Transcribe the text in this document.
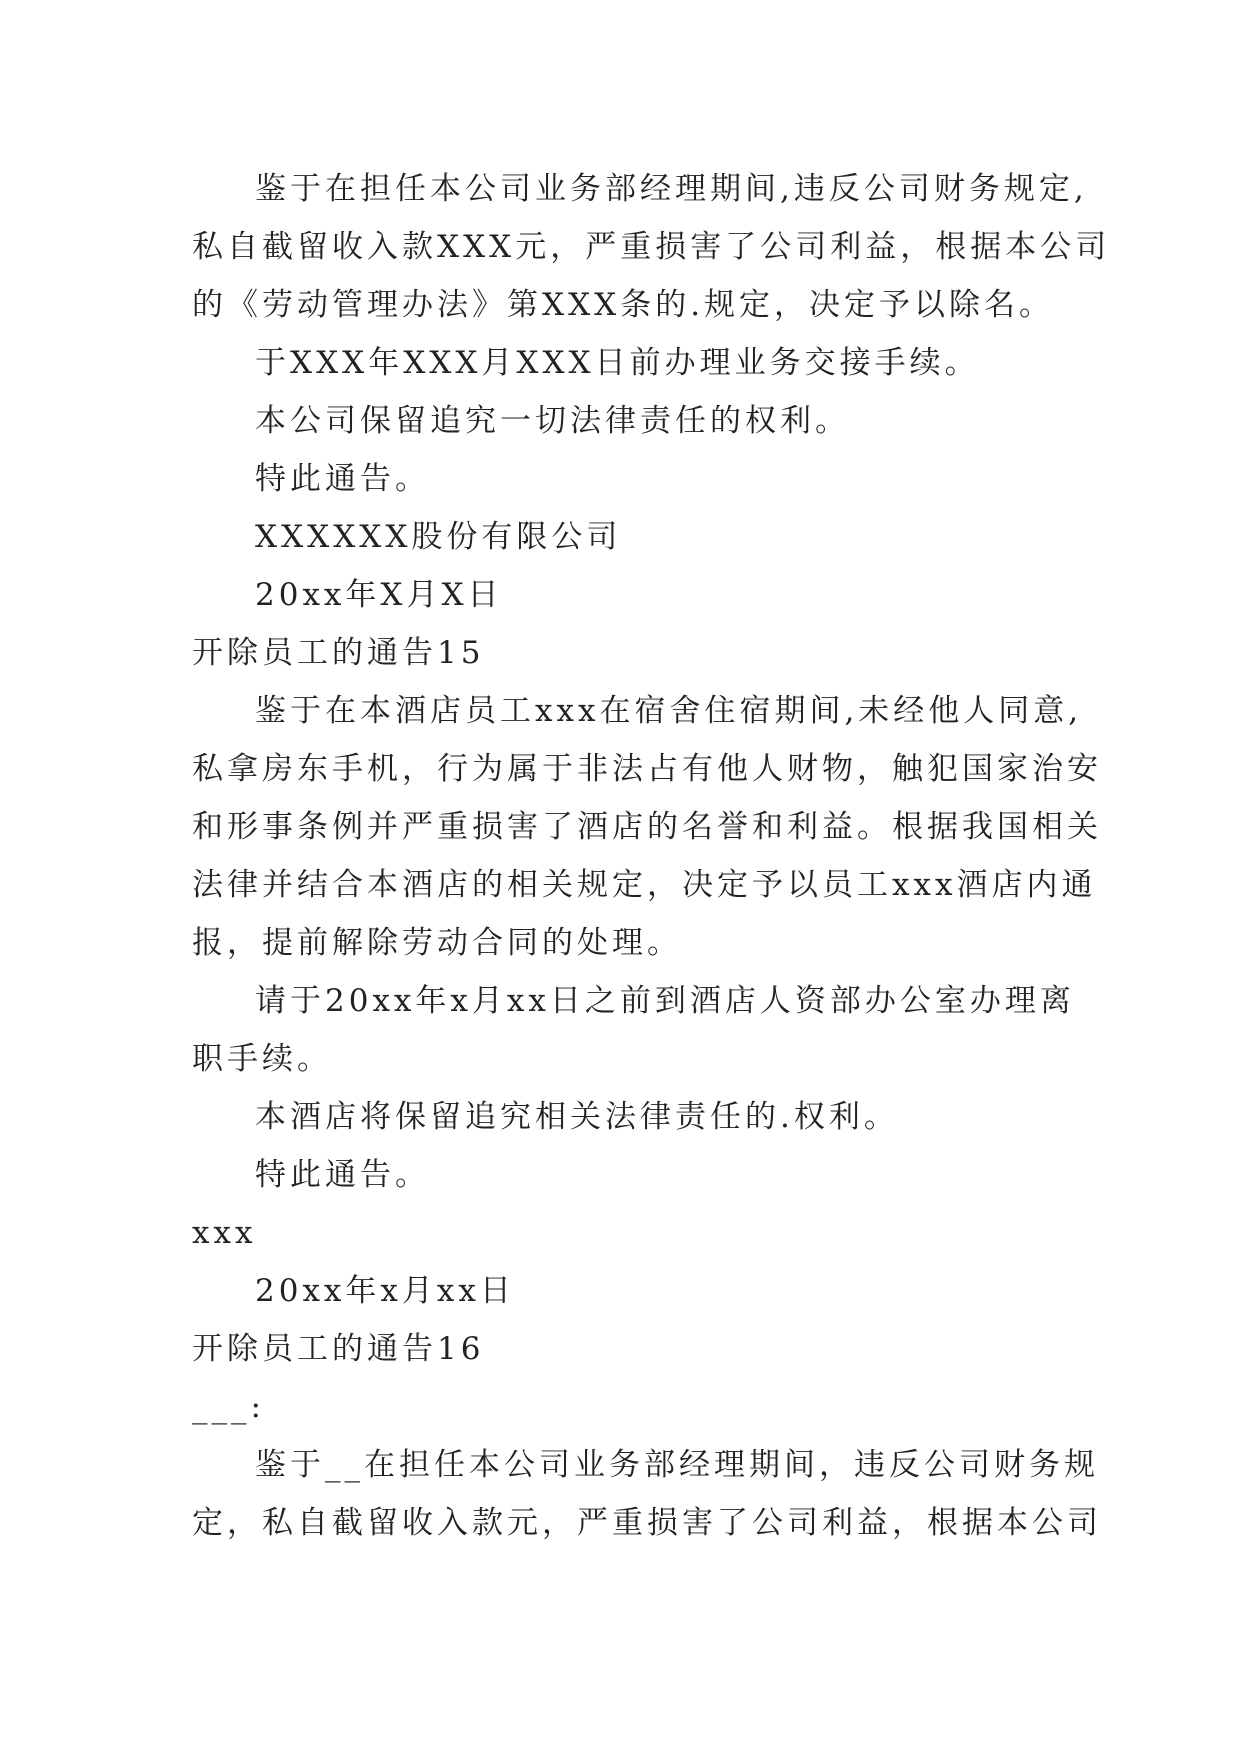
鉴于在担任本公司业务部经理期间,违反公司财务规定,
私自截留收入款XXX元，严重损害了公司利益，根据本公司
的《劳动管理办法》第XXX条的.规定，决定予以除名。
于XXX年XXX月XXX日前办理业务交接手续。
本公司保留追究一切法律责任的权利。
特此通告。
XXXXXX股份有限公司
20xx年X月X日
开除员工的通告15
鉴于在本酒店员工xxx在宿舍住宿期间,未经他人同意,
私拿房东手机，行为属于非法占有他人财物，触犯国家治安
和形事条例并严重损害了酒店的名誉和利益。根据我国相关
法律并结合本酒店的相关规定，决定予以员工xxx酒店内通
报，提前解除劳动合同的处理。
请于20xx年x月xx日之前到酒店人资部办公室办理离
职手续。
本酒店将保留追究相关法律责任的.权利。
特此通告。
xxx
20xx年x月xx日
开除员工的通告16
___:
鉴于__在担任本公司业务部经理期间，违反公司财务规
定，私自截留收入款元，严重损害了公司利益，根据本公司
